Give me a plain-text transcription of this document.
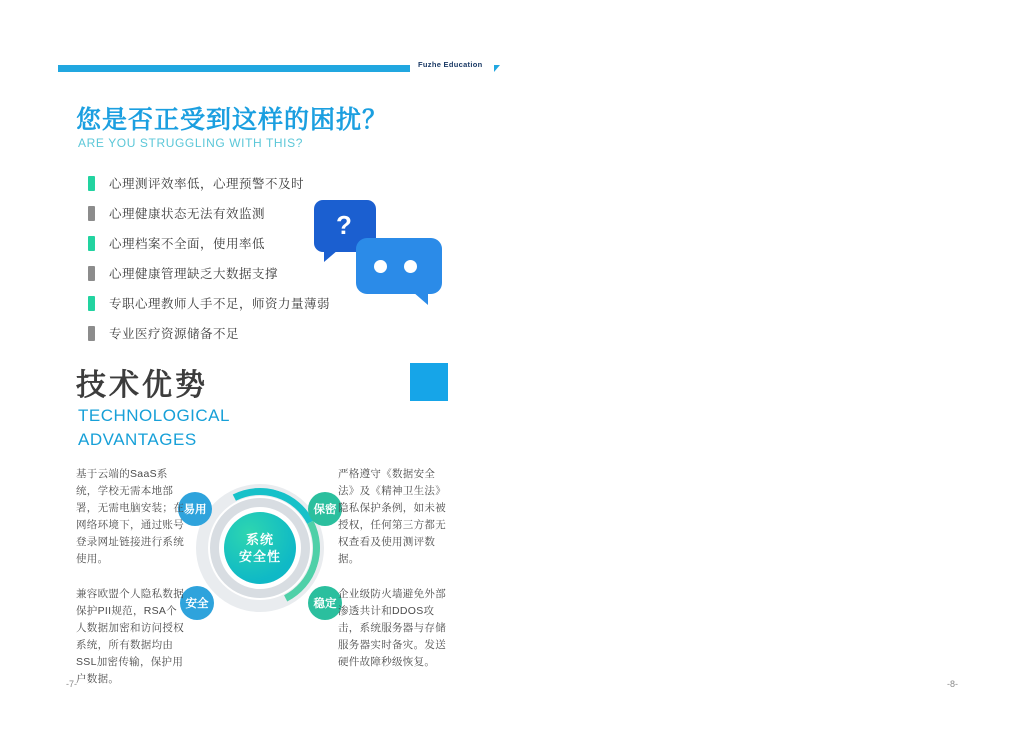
Fuzhe Education
您是否正受到这样的困扰？
ARE YOU STRUGGLING WITH THIS?
心理测评效率低，心理预警不及时
心理健康状态无法有效监测
心理档案不全面，使用率低
心理健康管理缺乏大数据支撑
专职心理教师人手不足，师资力量薄弱
专业医疗资源储备不足
?
技术优势
TECHNOLOGICAL
ADVANTAGES
系统
安全性
易用	保密
安全	稳定
基于云端的SaaS系统，学校无需本地部署，无需电脑安装；在网络环境下，通过账号登录网址链接进行系统使用。
严格遵守《数据安全法》及《精神卫生法》隐私保护条例，如未被授权，任何第三方都无权查看及使用测评数据。
兼容欧盟个人隐私数据保护PII规范，RSA个人数据加密和访问授权系统，所有数据均由SSL加密传输，保护用户数据。
企业级防火墙避免外部渗透共计和DDOS攻击，系统服务器与存储服务器实时备灾。发送硬件故障秒级恢复。
-7-	-8-
